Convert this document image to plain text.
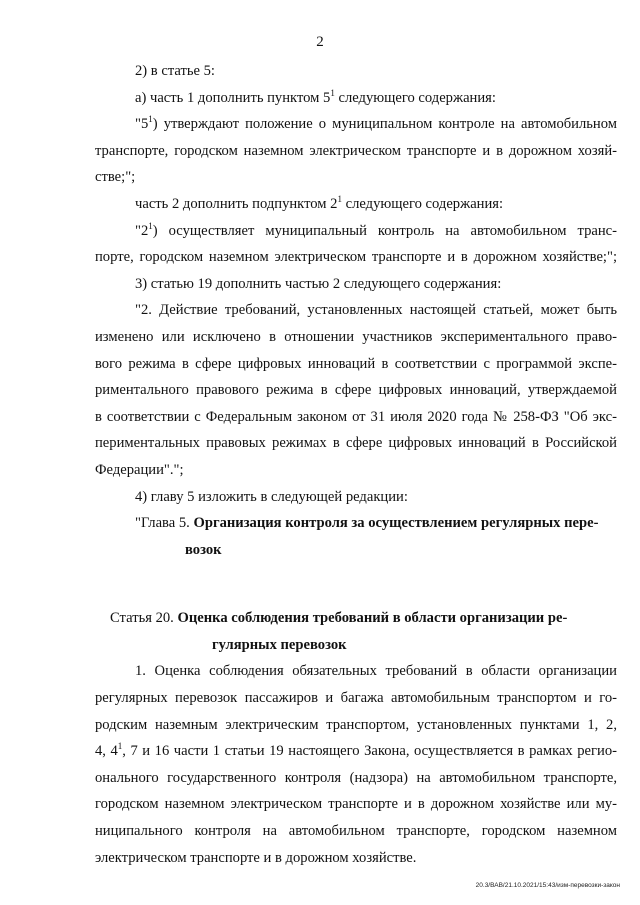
2

2) в статье 5:

а) часть 1 дополнить пунктом $5^1$ следующего содержания:

"$5^1$) утверждают положение о муниципальном контроле на автомобильном

транспорте, городском наземном электрическом транспорте и в дорожном хозяй-

стве;";

часть 2 дополнить подпунктом $2^1$ следующего содержания:

"$2^1$) осуществляет муниципальный контроль на автомобильном транс-

порте, городском наземном электрическом транспорте и в дорожном хозяйстве;";

3) статью 19 дополнить частью 2 следующего содержания:

"2. Действие требований, установленных настоящей статьей, может быть

изменено или исключено в отношении участников экспериментального право-

вого режима в сфере цифровых инноваций в соответствии с программой экспе-

риментального правового режима в сфере цифровых инноваций, утверждаемой

в соответствии с Федеральным законом от 31 июля 2020 года № 258-ФЗ "Об экс-

периментальных правовых режимах в сфере цифровых инноваций в Российской

Федерации".";

4) главу 5 изложить в следующей редакции:

"Глава 5. Организация контроля за осуществлением регулярных пере-

возок

Статья 20. Оценка соблюдения требований в области организации ре-

гулярных перевозок

1. Оценка соблюдения обязательных требований в области организации

регулярных перевозок пассажиров и багажа автомобильным транспортом и го-

родским наземным электрическим транспортом, установленных пунктами 1, 2,

4, $4^1$, 7 и 16 части 1 статьи 19 настоящего Закона, осуществляется в рамках регио-

онального государственного контроля (надзора) на автомобильном транспорте,

городском наземном электрическом транспорте и в дорожном хозяйстве или му-

ниципального контроля на автомобильном транспорте, городском наземном

электрическом транспорте и в дорожном хозяйстве.

20.3/ВАВ/21.10.2021/15:43/изм-перевозки-закон
